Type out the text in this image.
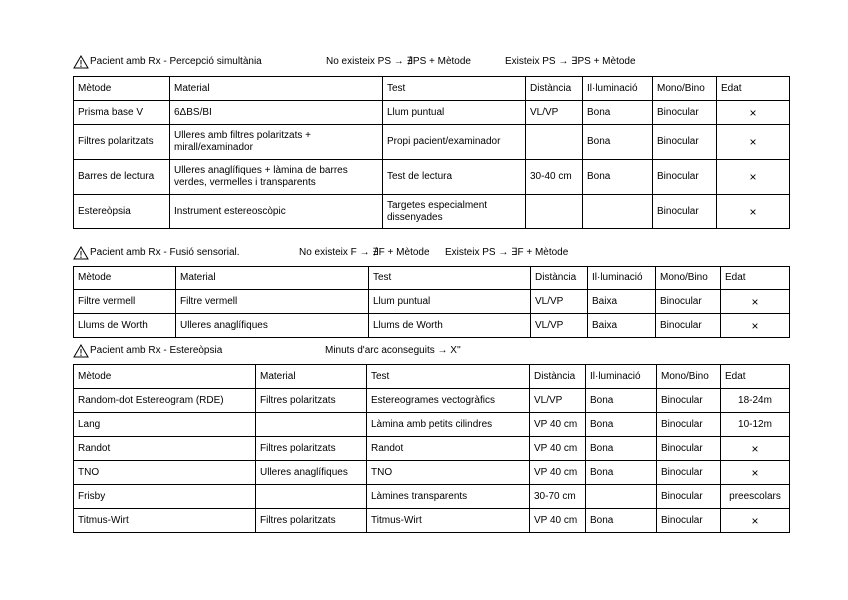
Pacient amb Rx - Percepció simultània	No existeix PS → ∄PS + Mètode	Existeix PS → ∃PS + Mètode
Mètode	Material	Test	Distància	Il·luminació	Mono/Bino	Edat
Prisma base V	6ΔBS/BI	Llum puntual	VL/VP	Bona	Binocular	×
Filtres polaritzats	Ulleres amb filtres polaritzats + mirall/examinador	Propi pacient/examinador		Bona	Binocular	×
Barres de lectura	Ulleres anaglífiques + làmina de barres verdes, vermelles i transparents	Test de lectura	30-40 cm	Bona	Binocular	×
Estereòpsia	Instrument estereoscòpic	Targetes especialment dissenyades			Binocular	×
Pacient amb Rx - Fusió sensorial.	No existeix F → ∄F + Mètode Existeix PS → ∃F + Mètode
Mètode	Material	Test	Distància	Il·luminació	Mono/Bino	Edat
Filtre vermell	Filtre vermell	Llum puntual	VL/VP	Baixa	Binocular	×
Llums de Worth	Ulleres anaglífiques	Llums de Worth	VL/VP	Baixa	Binocular	×
Pacient amb Rx - Estereòpsia	Minuts d'arc aconseguits → X''
Mètode	Material	Test	Distància	Il·luminació	Mono/Bino	Edat
Random-dot Estereogram (RDE)	Filtres polaritzats	Estereogrames vectogràfics	VL/VP	Bona	Binocular	18-24m
Lang		Làmina amb petits cilindres	VP 40 cm	Bona	Binocular	10-12m
Randot	Filtres polaritzats	Randot	VP 40 cm	Bona	Binocular	×
TNO	Ulleres anaglífiques	TNO	VP 40 cm	Bona	Binocular	×
Frisby		Làmines transparents	30-70 cm		Binocular	preescolars
Titmus-Wirt	Filtres polaritzats	Titmus-Wirt	VP 40 cm	Bona	Binocular	×
